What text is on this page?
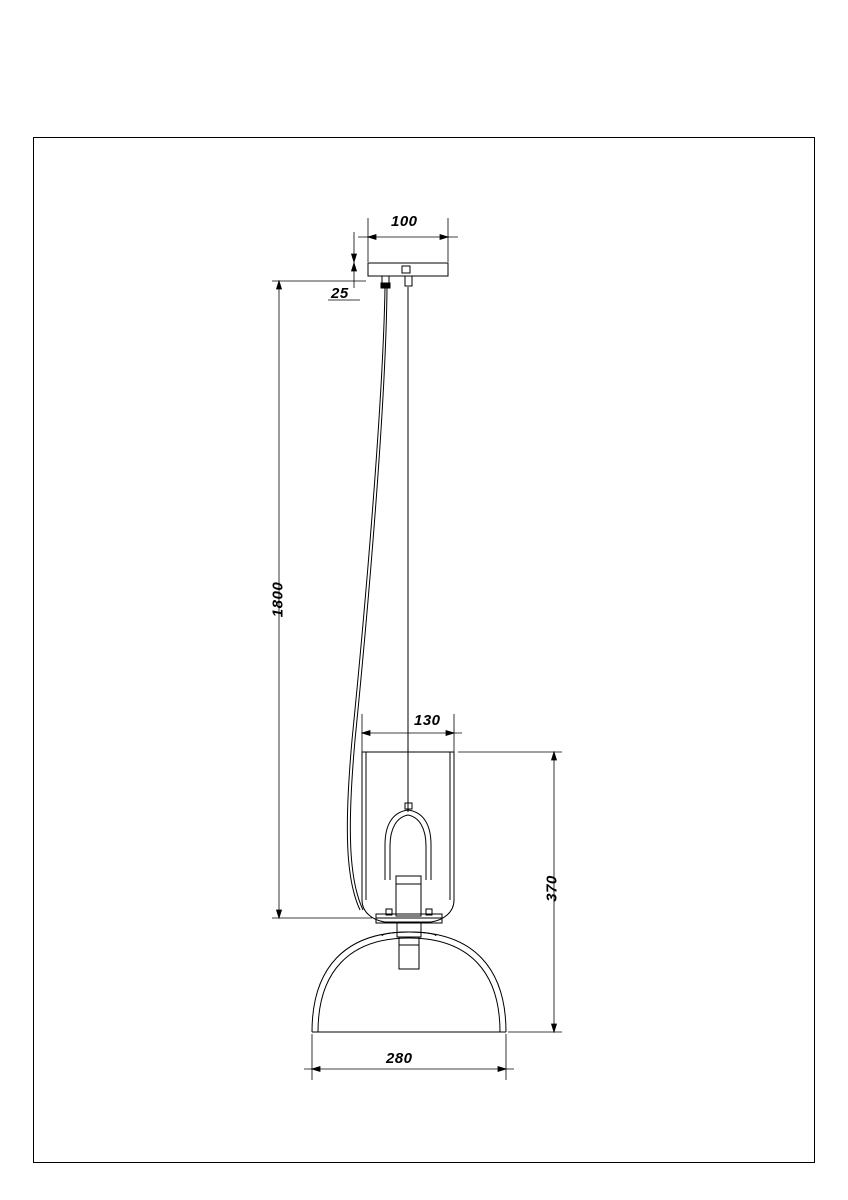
100
25
1800
130
370
280
